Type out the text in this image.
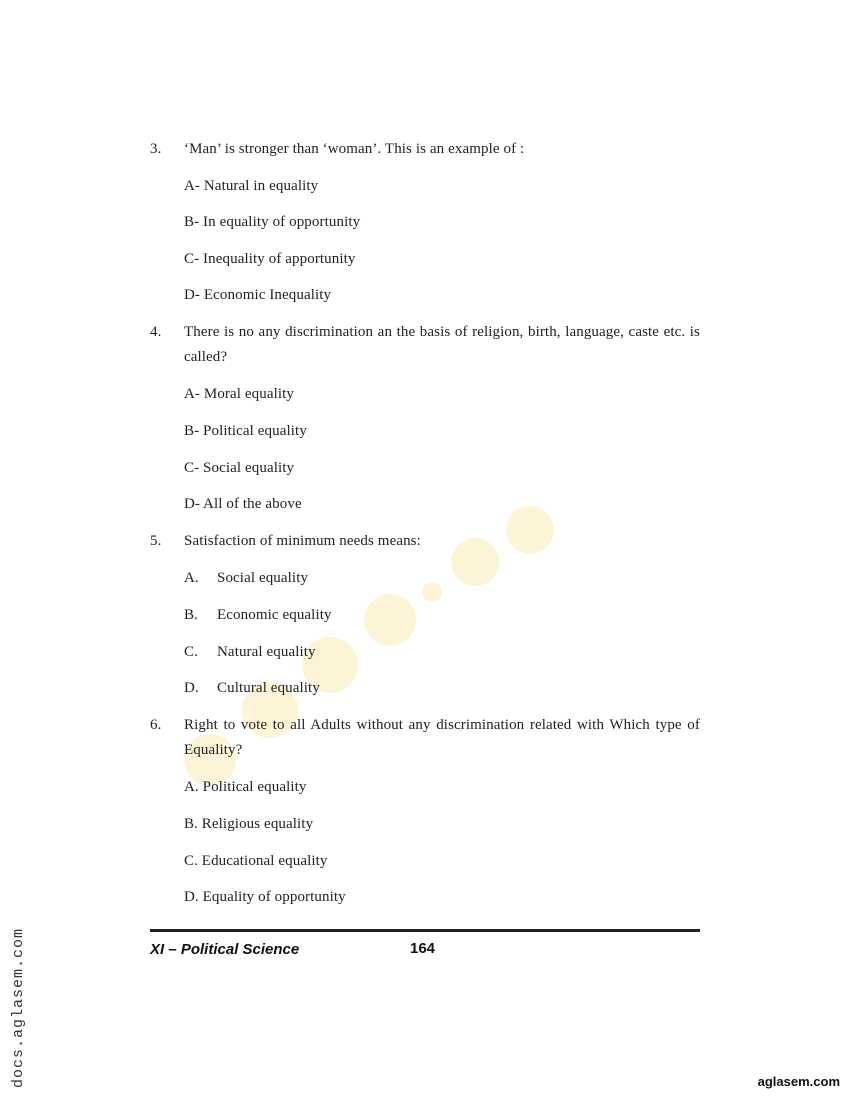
3. ‘Man’ is stronger than ‘woman’. This is an example of :
A- Natural in equality
B- In equality of opportunity
C- Inequality of apportunity
D- Economic Inequality
4. There is no any discrimination an the basis of religion, birth, language, caste etc. is called?
A- Moral equality
B- Political equality
C- Social equality
D- All of the above
5. Satisfaction of minimum needs means:
A. Social equality
B. Economic equality
C. Natural equality
D. Cultural equality
6. Right to vote to all Adults without any discrimination related with Which type of Equality?
A. Political equality
B. Religious equality
C. Educational equality
D. Equality of opportunity
XI – Political Science	164
docs.aglasem.com	aglasem.com
